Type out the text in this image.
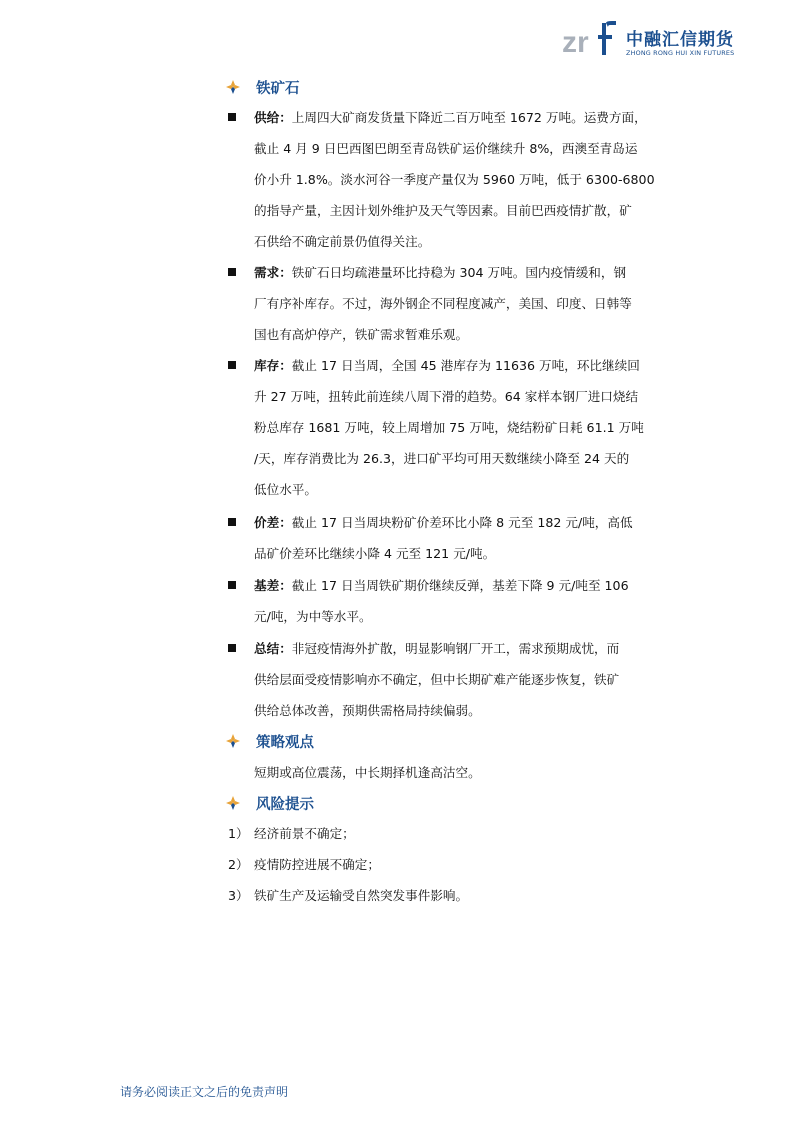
zr 中融汇信期货
ZHONG RONG HUI XIN FUTURES
铁矿石
供给：上周四大矿商发货量下降近二百万吨至 1672 万吨。运费方面，
截止 4 月 9 日巴西图巴朗至青岛铁矿运价继续升 8%，西澳至青岛运
价小升 1.8%。淡水河谷一季度产量仅为 5960 万吨，低于 6300-6800
的指导产量，主因计划外维护及天气等因素。目前巴西疫情扩散，矿
石供给不确定前景仍值得关注。
需求：铁矿石日均疏港量环比持稳为 304 万吨。国内疫情缓和，钢
厂有序补库存。不过，海外钢企不同程度减产，美国、印度、日韩等
国也有高炉停产，铁矿需求暂难乐观。
库存：截止 17 日当周，全国 45 港库存为 11636 万吨，环比继续回
升 27 万吨，扭转此前连续八周下滑的趋势。64 家样本钢厂进口烧结
粉总库存 1681 万吨，较上周增加 75 万吨，烧结粉矿日耗 61.1 万吨
/天，库存消费比为 26.3，进口矿平均可用天数继续小降至 24 天的
低位水平。
价差：截止 17 日当周块粉矿价差环比小降 8 元至 182 元/吨，高低
品矿价差环比继续小降 4 元至 121 元/吨。
基差：截止 17 日当周铁矿期价继续反弹，基差下降 9 元/吨至 106
元/吨，为中等水平。
总结：非冠疫情海外扩散，明显影响钢厂开工，需求预期成忧，而
供给层面受疫情影响亦不确定，但中长期矿难产能逐步恢复，铁矿
供给总体改善，预期供需格局持续偏弱。
策略观点
短期或高位震荡，中长期择机逢高沽空。
风险提示
1） 经济前景不确定；
2） 疫情防控进展不确定；
3） 铁矿生产及运输受自然突发事件影响。
请务必阅读正文之后的免责声明
